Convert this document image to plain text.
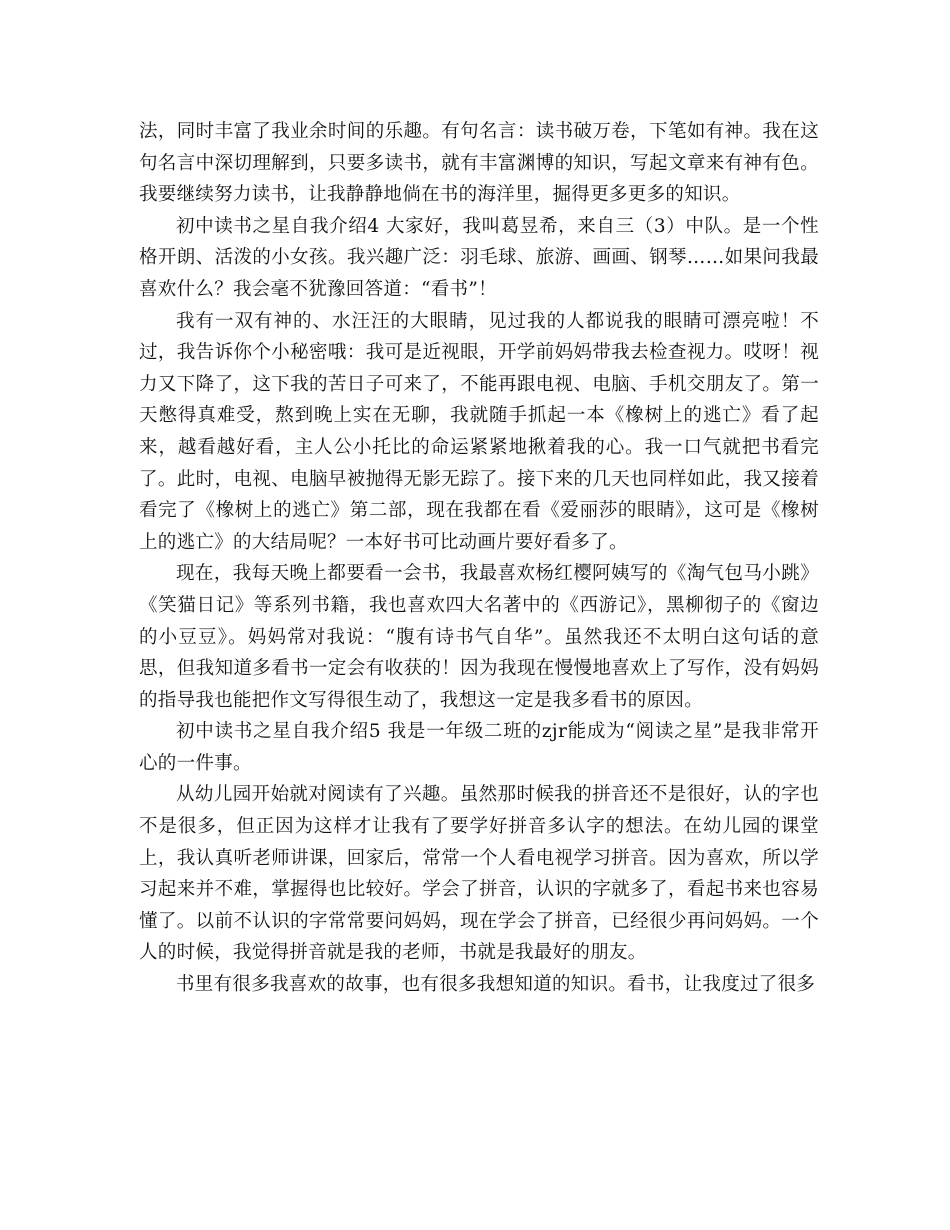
法，同时丰富了我业余时间的乐趣。有句名言：读书破万卷，下笔如有神。我在这句名言中深切理解到，只要多读书，就有丰富渊博的知识，写起文章来有神有色。我要继续努力读书，让我静静地倘在书的海洋里，掘得更多更多的知识。

初中读书之星自我介绍4 大家好，我叫葛昱希，来自三（3）中队。是一个性格开朗、活泼的小女孩。我兴趣广泛：羽毛球、旅游、画画、钢琴……如果问我最喜欢什么？我会毫不犹豫回答道：“看书”！

我有一双有神的、水汪汪的大眼睛，见过我的人都说我的眼睛可漂亮啦！不过，我告诉你个小秘密哦：我可是近视眼，开学前妈妈带我去检查视力。哎呀！视力又下降了，这下我的苦日子可来了，不能再跟电视、电脑、手机交朋友了。第一天憋得真难受，熬到晚上实在无聊，我就随手抓起一本《橡树上的逃亡》看了起来，越看越好看，主人公小托比的命运紧紧地揪着我的心。我一口气就把书看完了。此时，电视、电脑早被抛得无影无踪了。接下来的几天也同样如此，我又接着看完了《橡树上的逃亡》第二部，现在我都在看《爱丽莎的眼睛》，这可是《橡树上的逃亡》的大结局呢？一本好书可比动画片要好看多了。

现在，我每天晚上都要看一会书，我最喜欢杨红樱阿姨写的《淘气包马小跳》《笑猫日记》等系列书籍，我也喜欢四大名著中的《西游记》，黑柳彻子的《窗边的小豆豆》。妈妈常对我说：“腹有诗书气自华”。虽然我还不太明白这句话的意思，但我知道多看书一定会有收获的！因为我现在慢慢地喜欢上了写作，没有妈妈的指导我也能把作文写得很生动了，我想这一定是我多看书的原因。

初中读书之星自我介绍5 我是一年级二班的zjr能成为“阅读之星”是我非常开心的一件事。

从幼儿园开始就对阅读有了兴趣。虽然那时候我的拼音还不是很好，认的字也不是很多，但正因为这样才让我有了要学好拼音多认字的想法。在幼儿园的课堂上，我认真听老师讲课，回家后，常常一个人看电视学习拼音。因为喜欢，所以学习起来并不难，掌握得也比较好。学会了拼音，认识的字就多了，看起书来也容易懂了。以前不认识的字常常要问妈妈，现在学会了拼音，已经很少再问妈妈。一个人的时候，我觉得拼音就是我的老师，书就是我最好的朋友。

书里有很多我喜欢的故事，也有很多我想知道的知识。看书，让我度过了很多
